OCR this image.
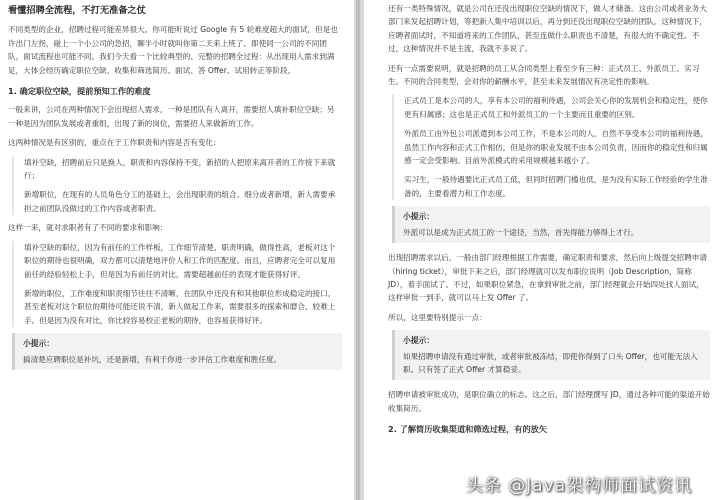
看懂招聘全流程，不打无准备之仗

不同类型的企业，招聘过程可能差异很大。你可能听说过 Google 有 5 轮难度超大的面试，但是也许出门左拐，碰上一个小公司的急招，聊半小时就叫你第二天来上班了。即使同一公司的不同团队，面试流程也可能不同。我们今天看一个比较典型的、完整的招聘全过程：从出现用人需求到满足，大体会经历确定职位空缺、收集和筛选简历、面试、答 Offer、试用转正等阶段。

1. 确定职位空缺，提前预知工作的难度

一般来讲，公司在两种情况下会出现招人需求，一种是团队有人离开，需要招人填补职位空缺；另一种是因为团队发展或者重组，出现了新的岗位，需要招人来做新的工作。

这两种情况是有区别的，重点在于工作职责和内容是否有变化：

填补空缺，招聘前后只是换人，职责和内容保持不变，新招的人把原来离开者的工作接下来就行；

新增职位，在现有的人员角色分工的基础上，会出现职责的组合、细分或者新增，新人需要承担之前团队没做过的工作内容或者职责。

这样一来，就对求职者有了不同的要求和影响：

填补空缺的职位，因为有前任的工作样板，工作细节清楚、职责明确，做得性高，老板对这个职位的期待也很明确，双方都可以清楚地评价人和工作的匹配度。而且，应聘者完全可以复用前任的经验轻松上手，但是因为有前任的对比，需要超越前任的表现才能获得好评。

新增的职位，工作难度和职责细节往往不清晰，在团队中还没有和其他职位形成稳定的接口，甚至老板对这个职位的期待可能还说不清，新人做起工作来，需要很多的探索和磨合，较难上手。但是因为没有对比，你比较容易校正老板的期待，也容易获得好评。

小提示：

搞清楚应聘职位是补坑，还是新增，有利于你进一步评估工作难度和胜任度。

还有一类特殊情况，就是公司在还没出现职位空缺的情况下，做人才储备。这由公司或者业务大部门来发起招聘计划，等把新人集中培训以后，再分到还没出现职位空缺的团队。这种情况下，应聘者面试时，不知道将来的工作团队，甚至连做什么职责也不清楚，有很大的不确定性。不过，这种情况并不是主流，我就不多说了。

还有一点需要说明，就是招聘的员工从合同类型上看至少有三种：正式员工、外派员工、实习生。不同的合同类型，会对你的薪酬水平，甚至未来发展情况有决定性的影响。

正式员工是本公司的人，享有本公司的福利待遇，公司会关心你的发展机会和稳定性，使你更有归属感；这也是正式员工和外派员工的一个主要而且重要的区别。

外派员工由外包公司派遣到本公司工作，不是本公司的人，自然不享受本公司的福利待遇，虽然工作内容和正式工作相仿，但是你的职业发展不由本公司负责，因而你的稳定性和归属感一定会受影响。目前外派模式的采用规模越来越小了。

实习生，一般待遇要比正式员工低，但同时招聘门槛也低，是为没有实际工作经验的学生准备的，主要看潜力和工作态度。

小提示：

外派可以是成为正式员工的一个途径，当然，首先得能力够得上才行。

出现招聘需求以后，一般由部门经理根据工作需要，确定职责和要求，然后向上级提交招聘申请（hiring ticket），审批下来之后，部门经理就可以发布职位说明（Job Description，简称 JD），着手面试了。不过，如果职位紧急，在拿到审批之前，部门经理就会开始四处找人面试，这样审批一到手，就可以马上发 Offer 了。

所以，这里要特别提示一点：

小提示：

如果招聘申请没有通过审批，或者审批被冻结，即使你得到了口头 Offer，也可能无法入职。只有签了正式 Offer 才算稳妥。

招聘申请被审批成功，是职位确立的标志。这之后，部门经理撰写 JD，通过各种可能的渠道开始收集简历。

2. 了解简历收集渠道和筛选过程，有的放矢
头条 @Java架构师面试资讯
